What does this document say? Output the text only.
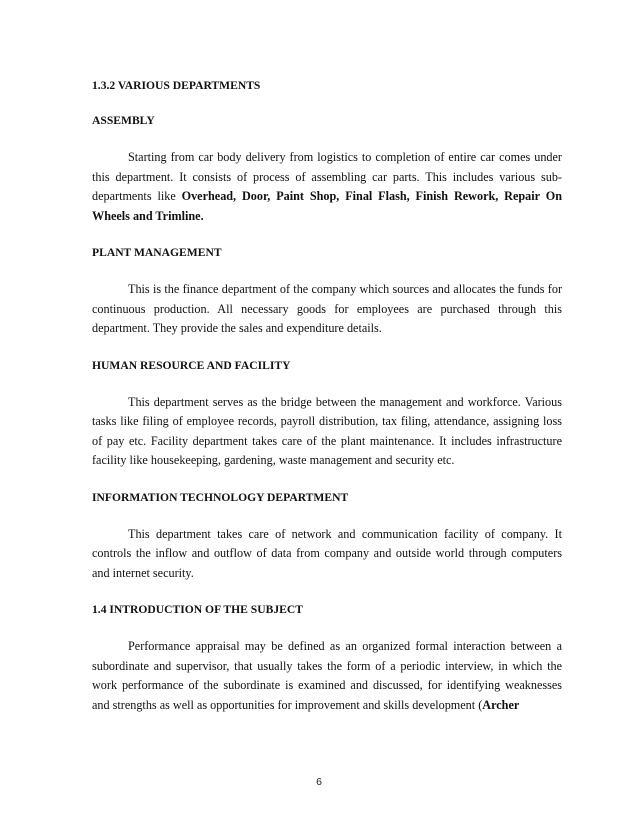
1.3.2 VARIOUS DEPARTMENTS

ASSEMBLY

Starting from car body delivery from logistics to completion of entire car comes under this department. It consists of process of assembling car parts. This includes various sub-departments like Overhead, Door, Paint Shop, Final Flash, Finish Rework, Repair On Wheels and Trimline.

PLANT MANAGEMENT

This is the finance department of the company which sources and allocates the funds for continuous production. All necessary goods for employees are purchased through this department. They provide the sales and expenditure details.

HUMAN RESOURCE AND FACILITY

This department serves as the bridge between the management and workforce. Various tasks like filing of employee records, payroll distribution, tax filing, attendance, assigning loss of pay etc. Facility department takes care of the plant maintenance. It includes infrastructure facility like housekeeping, gardening, waste management and security etc.

INFORMATION TECHNOLOGY DEPARTMENT

This department takes care of network and communication facility of company. It controls the inflow and outflow of data from company and outside world through computers and internet security.

1.4 INTRODUCTION OF THE SUBJECT

Performance appraisal may be defined as an organized formal interaction between a subordinate and supervisor, that usually takes the form of a periodic interview, in which the work performance of the subordinate is examined and discussed, for identifying weaknesses and strengths as well as opportunities for improvement and skills development (Archer

6
